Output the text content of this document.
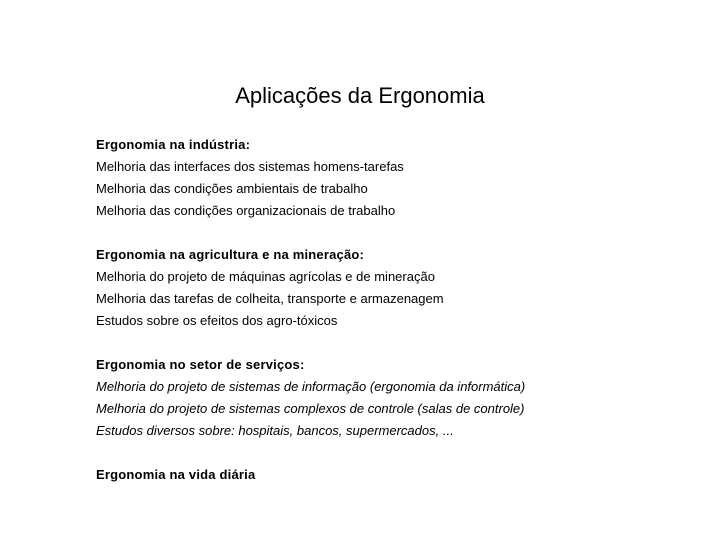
Aplicações da Ergonomia
Ergonomia na indústria:
Melhoria das interfaces dos sistemas homens-tarefas
Melhoria das condições ambientais de trabalho
Melhoria das condições organizacionais de trabalho
Ergonomia na agricultura e na mineração:
Melhoria do projeto de máquinas agrícolas e de mineração
Melhoria das tarefas de colheita, transporte e armazenagem
Estudos sobre os efeitos dos agro-tóxicos
Ergonomia no setor de serviços:
Melhoria do projeto de sistemas de informação (ergonomia da informática)
Melhoria do projeto de sistemas complexos de controle (salas de controle)
Estudos diversos sobre: hospitais, bancos, supermercados, ...
Ergonomia na vida diária
